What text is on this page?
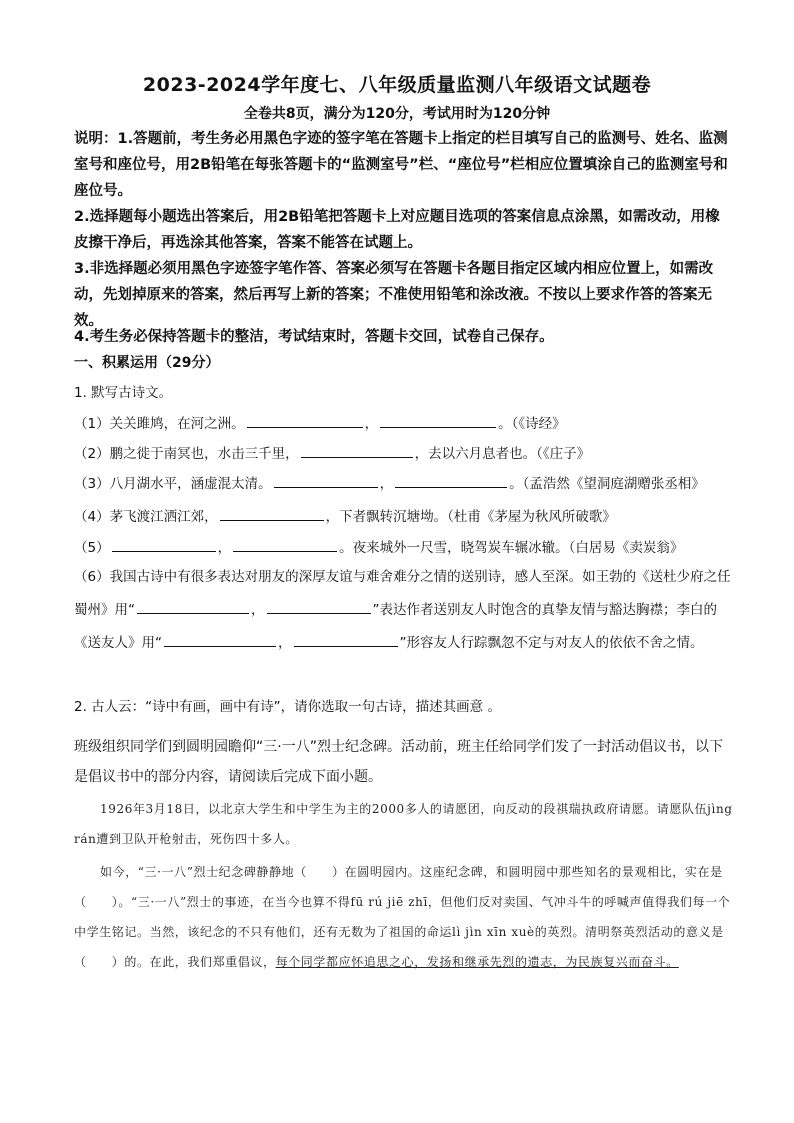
2023-2024学年度七、八年级质量监测八年级语文试题卷
全卷共8页，满分为120分，考试用时为120分钟

说明：1.答题前，考生务必用黑色字迹的签字笔在答题卡上指定的栏目填写自己的监测号、姓名、监测室号和座位号，用2B铅笔在每张答题卡的“监测室号”栏、“座位号”栏相应位置填涂自己的监测室号和座位号。

2.选择题每小题选出答案后，用2B铅笔把答题卡上对应题目选项的答案信息点涂黑，如需改动，用橡皮擦干净后，再选涂其他答案，答案不能答在试题上。

3.非选择题必须用黑色字迹签字笔作答、答案必须写在答题卡各题目指定区域内相应位置上，如需改动，先划掉原来的答案，然后再写上新的答案；不准使用铅笔和涂改液。不按以上要求作答的答案无效。

4.考生务必保持答题卡的整洁，考试结束时，答题卡交回，试卷自己保存。

一、积累运用（29分）
1. 默写古诗文。
（1）关关雎鸠，在河之洲。	，	。（《诗经》
（2）鹏之徙于南冥也，水击三千里，	，去以六月息者也。（《庄子》
（3）八月湖水平，涵虚混太清。	，	。（孟浩然《望洞庭湖赠张丞相》
（4）茅飞渡江洒江郊，	，下者飘转沉塘坳。（杜甫《茅屋为秋风所破歌》
（5）	，	。夜来城外一尺雪，晓驾炭车辗冰辙。（白居易《卖炭翁》
（6）我国古诗中有很多表达对朋友的深厚友谊与难舍难分之情的送别诗，感人至深。如王勃的《送杜少府之任蜀州》用“	，	”表达作者送别友人时饱含的真挚友情与豁达胸襟；李白的《送友人》用“	，	”形容友人行踪飘忽不定与对友人的依依不舍之情。
2. 古人云：“诗中有画，画中有诗”，请你选取一句古诗，描述其画意 。

班级组织同学们到圆明园瞻仰“三·一八”烈士纪念碑。活动前，班主任给同学们发了一封活动倡议书，以下是倡议书中的部分内容，请阅读后完成下面小题。

1926年3月18日，以北京大学生和中学生为主的2000多人的请愿团，向反动的段祺瑞执政府请愿。请愿队伍jìng rán遭到卫队开枪射击，死伤四十多人。

如今，“三·一八”烈士纪念碑静静地（　　）在圆明园内。这座纪念碑，和圆明园中那些知名的景观相比，实在是（　　）。“三·一八”烈士的事迹，在当今也算不得fū rú jiē zhī，但他们反对卖国、气冲斗牛的呼喊声值得我们每一个中学生铭记。当然，该纪念的不只有他们，还有无数为了祖国的命运lì jìn xīn xuè的英烈。清明祭英烈活动的意义是（　　）的。在此，我们郑重倡议，每个同学都应怀追思之心，发扬和继承先烈的遗志，为民族复兴而奋斗。
